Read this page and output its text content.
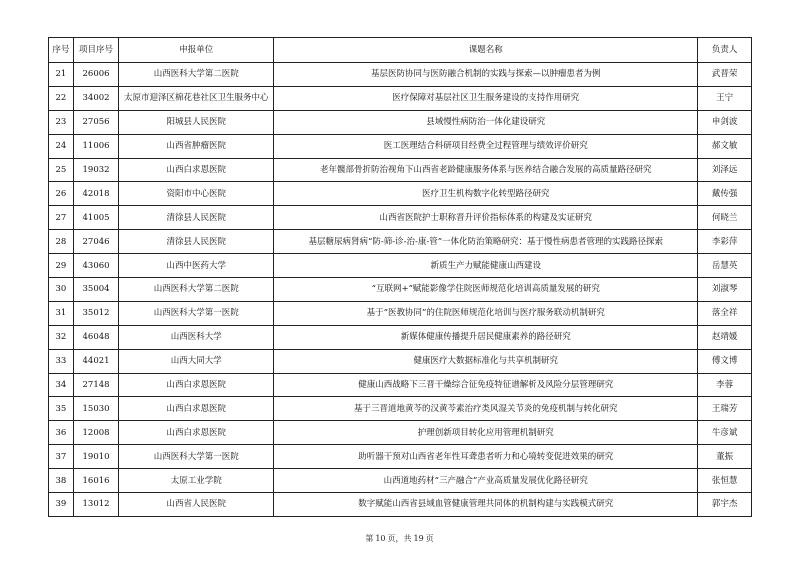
序号	项目序号	申报单位	课题名称	负责人
21	26006	山西医科大学第二医院	基层医防协同与医防融合机制的实践与探索—以肿瘤患者为例	武晋荣
22	34002	太原市迎泽区棉花巷社区卫生服务中心	医疗保障对基层社区卫生服务建设的支持作用研究	王宁
23	27056	阳城县人民医院	县域慢性病防治一体化建设研究	申剑波
24	11006	山西省肿瘤医院	医工医理结合科研项目经费全过程管理与绩效评价研究	郝文敏
25	19032	山西白求恩医院	老年髋部骨折防治视角下山西省老龄健康服务体系与医养结合融合发展的高质量路径研究	刘泽远
26	42018	资阳市中心医院	医疗卫生机构数字化转型路径研究	戴传强
27	41005	清徐县人民医院	山西省医院护士职称晋升评价指标体系的构建及实证研究	何晓兰
28	27046	清徐县人民医院	基层糖尿病肾病“防-筛-诊-治-康-管”一体化防治策略研究：基于慢性病患者管理的实践路径探索	李彩萍
29	43060	山西中医药大学	新质生产力赋能健康山西建设	岳慧英
30	35004	山西医科大学第二医院	“互联网+”赋能影像学住院医师规范化培训高质量发展的研究	刘淑琴
31	35012	山西医科大学第一医院	基于“医教协同”的住院医师规范化培训与医疗服务联动机制研究	落全祥
32	46048	山西医科大学	新媒体健康传播提升居民健康素养的路径研究	赵靖媛
33	44021	山西大同大学	健康医疗大数据标准化与共享机制研究	傅文博
34	27148	山西白求恩医院	健康山西战略下三晋干燥综合征免疫特征谱解析及风险分层管理研究	李蓉
35	15030	山西白求恩医院	基于三晋道地黄芩的汉黄芩素治疗类风湿关节炎的免疫机制与转化研究	王瑞芳
36	12008	山西白求恩医院	护理创新项目转化应用管理机制研究	牛彦斌
37	19010	山西医科大学第一医院	助听器干预对山西省老年性耳聋患者听力和心境转变促进效果的研究	董振
38	16016	太原工业学院	山西道地药材“三产融合”产业高质量发展优化路径研究	张恒慧
39	13012	山西省人民医院	数字赋能山西省县域血管健康管理共同体的机制构建与实践模式研究	郭宇杰
第 10 页，共 19 页
